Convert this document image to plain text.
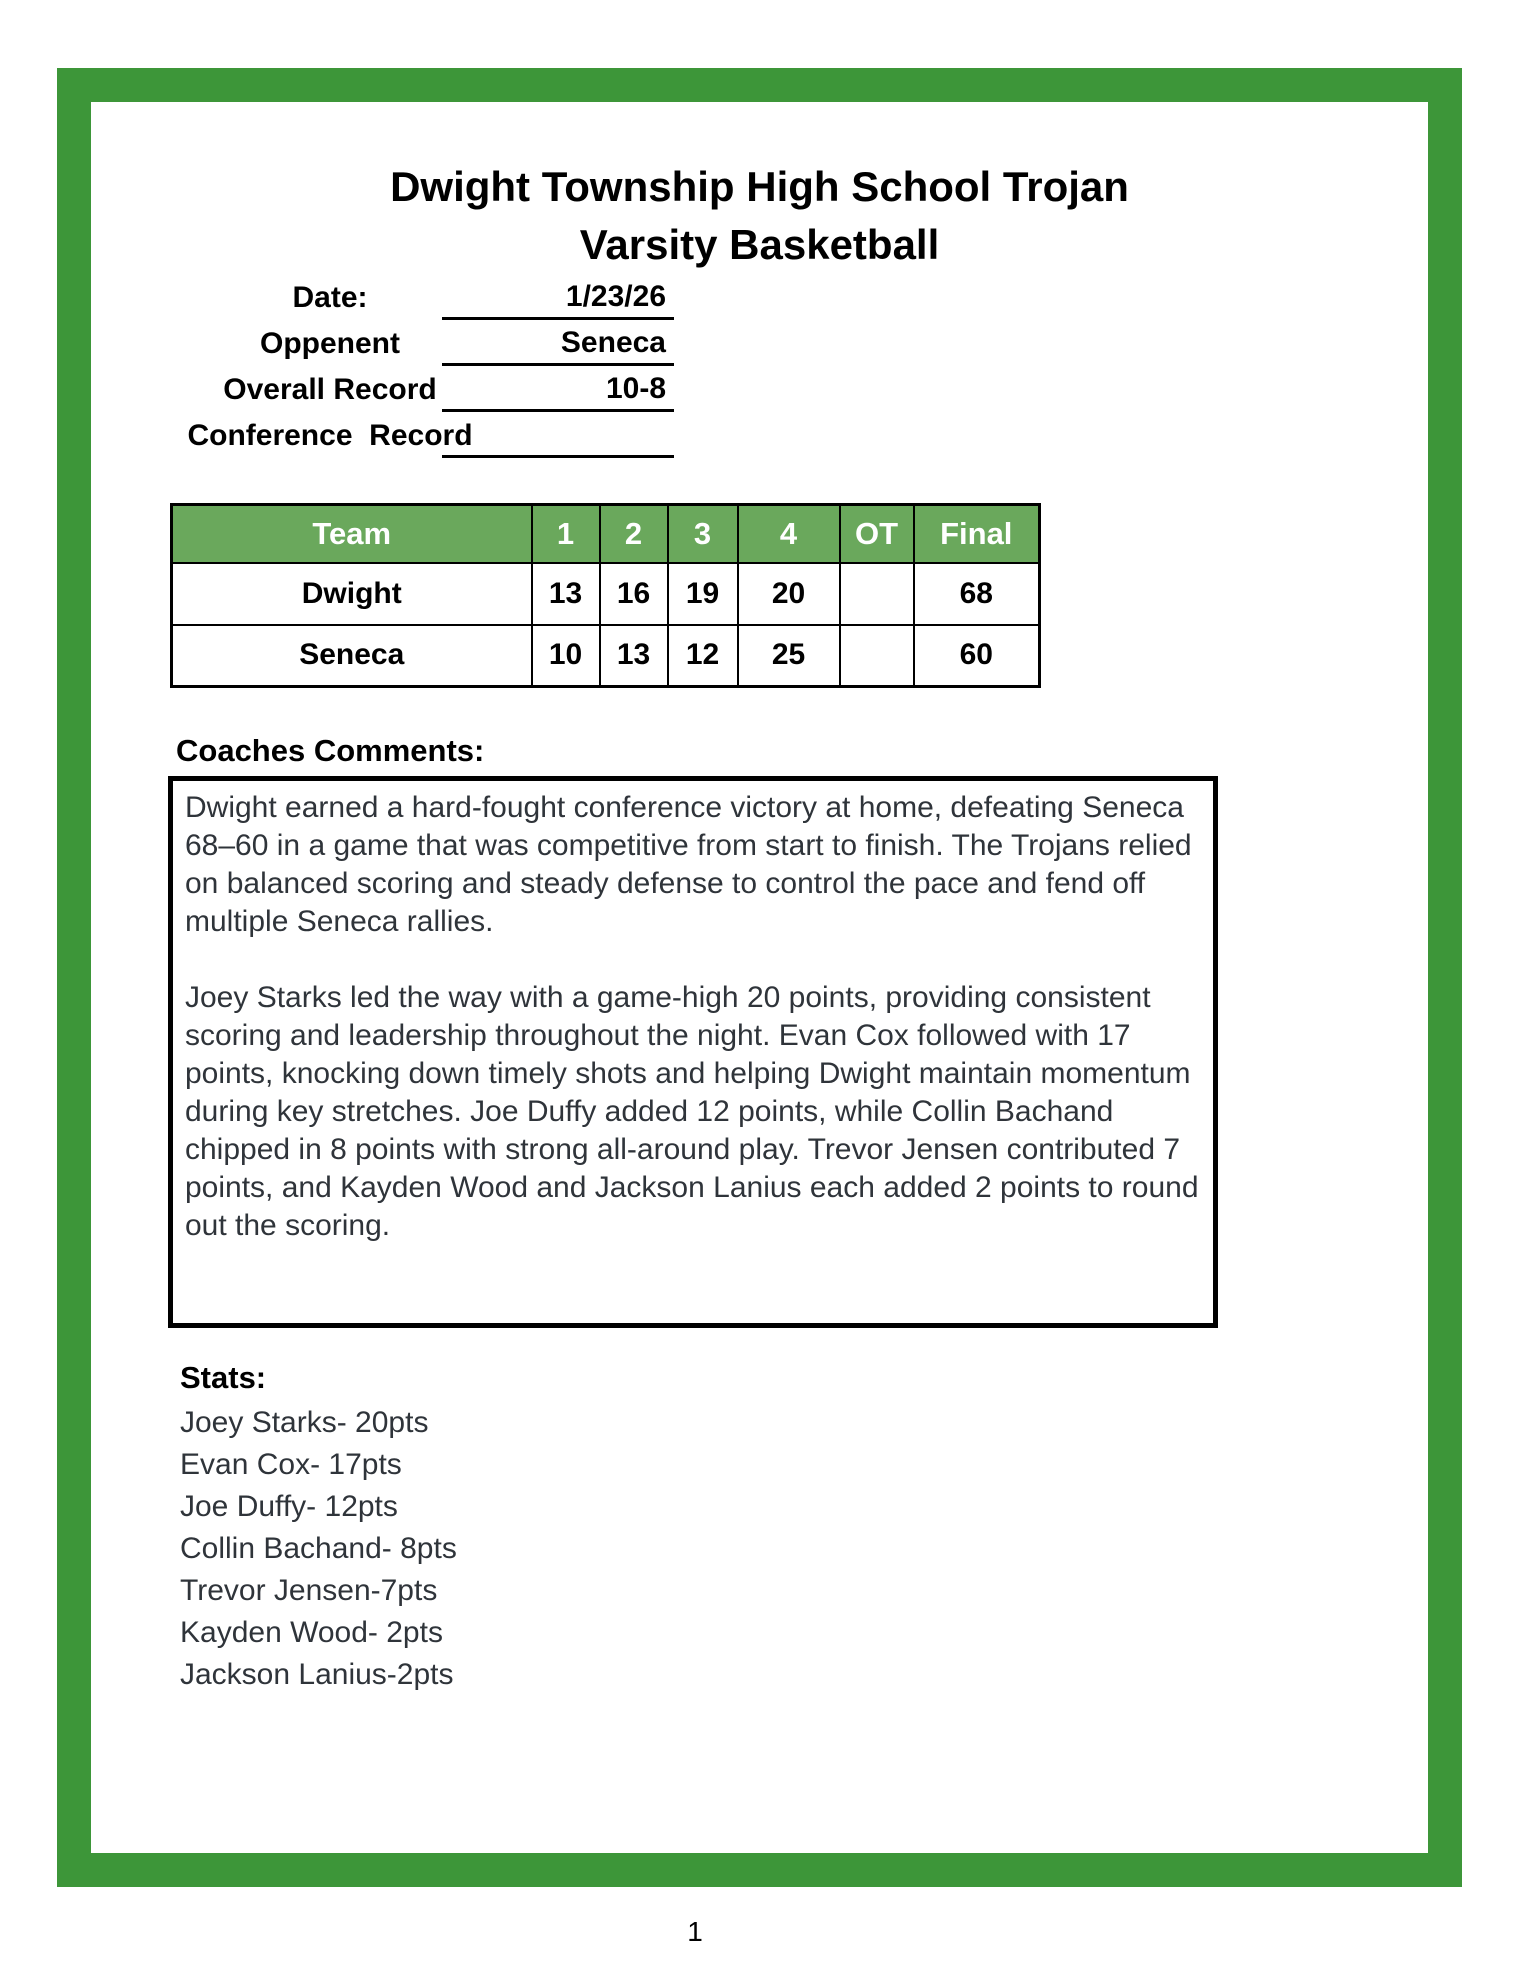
Dwight Township High School Trojan
Varsity Basketball
Date:	1/23/26
Oppenent	Seneca
Overall Record	10-8
Conference  Record
Team	1	2	3	4	OT	Final
Dwight	13	16	19	20		68
Seneca	10	13	12	25		60
Coaches Comments:

Dwight earned a hard-fought conference victory at home, defeating Seneca 68–60 in a game that was competitive from start to finish. The Trojans relied on balanced scoring and steady defense to control the pace and fend off multiple Seneca rallies.

Joey Starks led the way with a game-high 20 points, providing consistent scoring and leadership throughout the night. Evan Cox followed with 17 points, knocking down timely shots and helping Dwight maintain momentum during key stretches. Joe Duffy added 12 points, while Collin Bachand chipped in 8 points with strong all-around play. Trevor Jensen contributed 7 points, and Kayden Wood and Jackson Lanius each added 2 points to round out the scoring.

Stats:
Joey Starks- 20pts
Evan Cox- 17pts
Joe Duffy- 12pts
Collin Bachand- 8pts
Trevor Jensen-7pts
Kayden Wood- 2pts
Jackson Lanius-2pts
1
